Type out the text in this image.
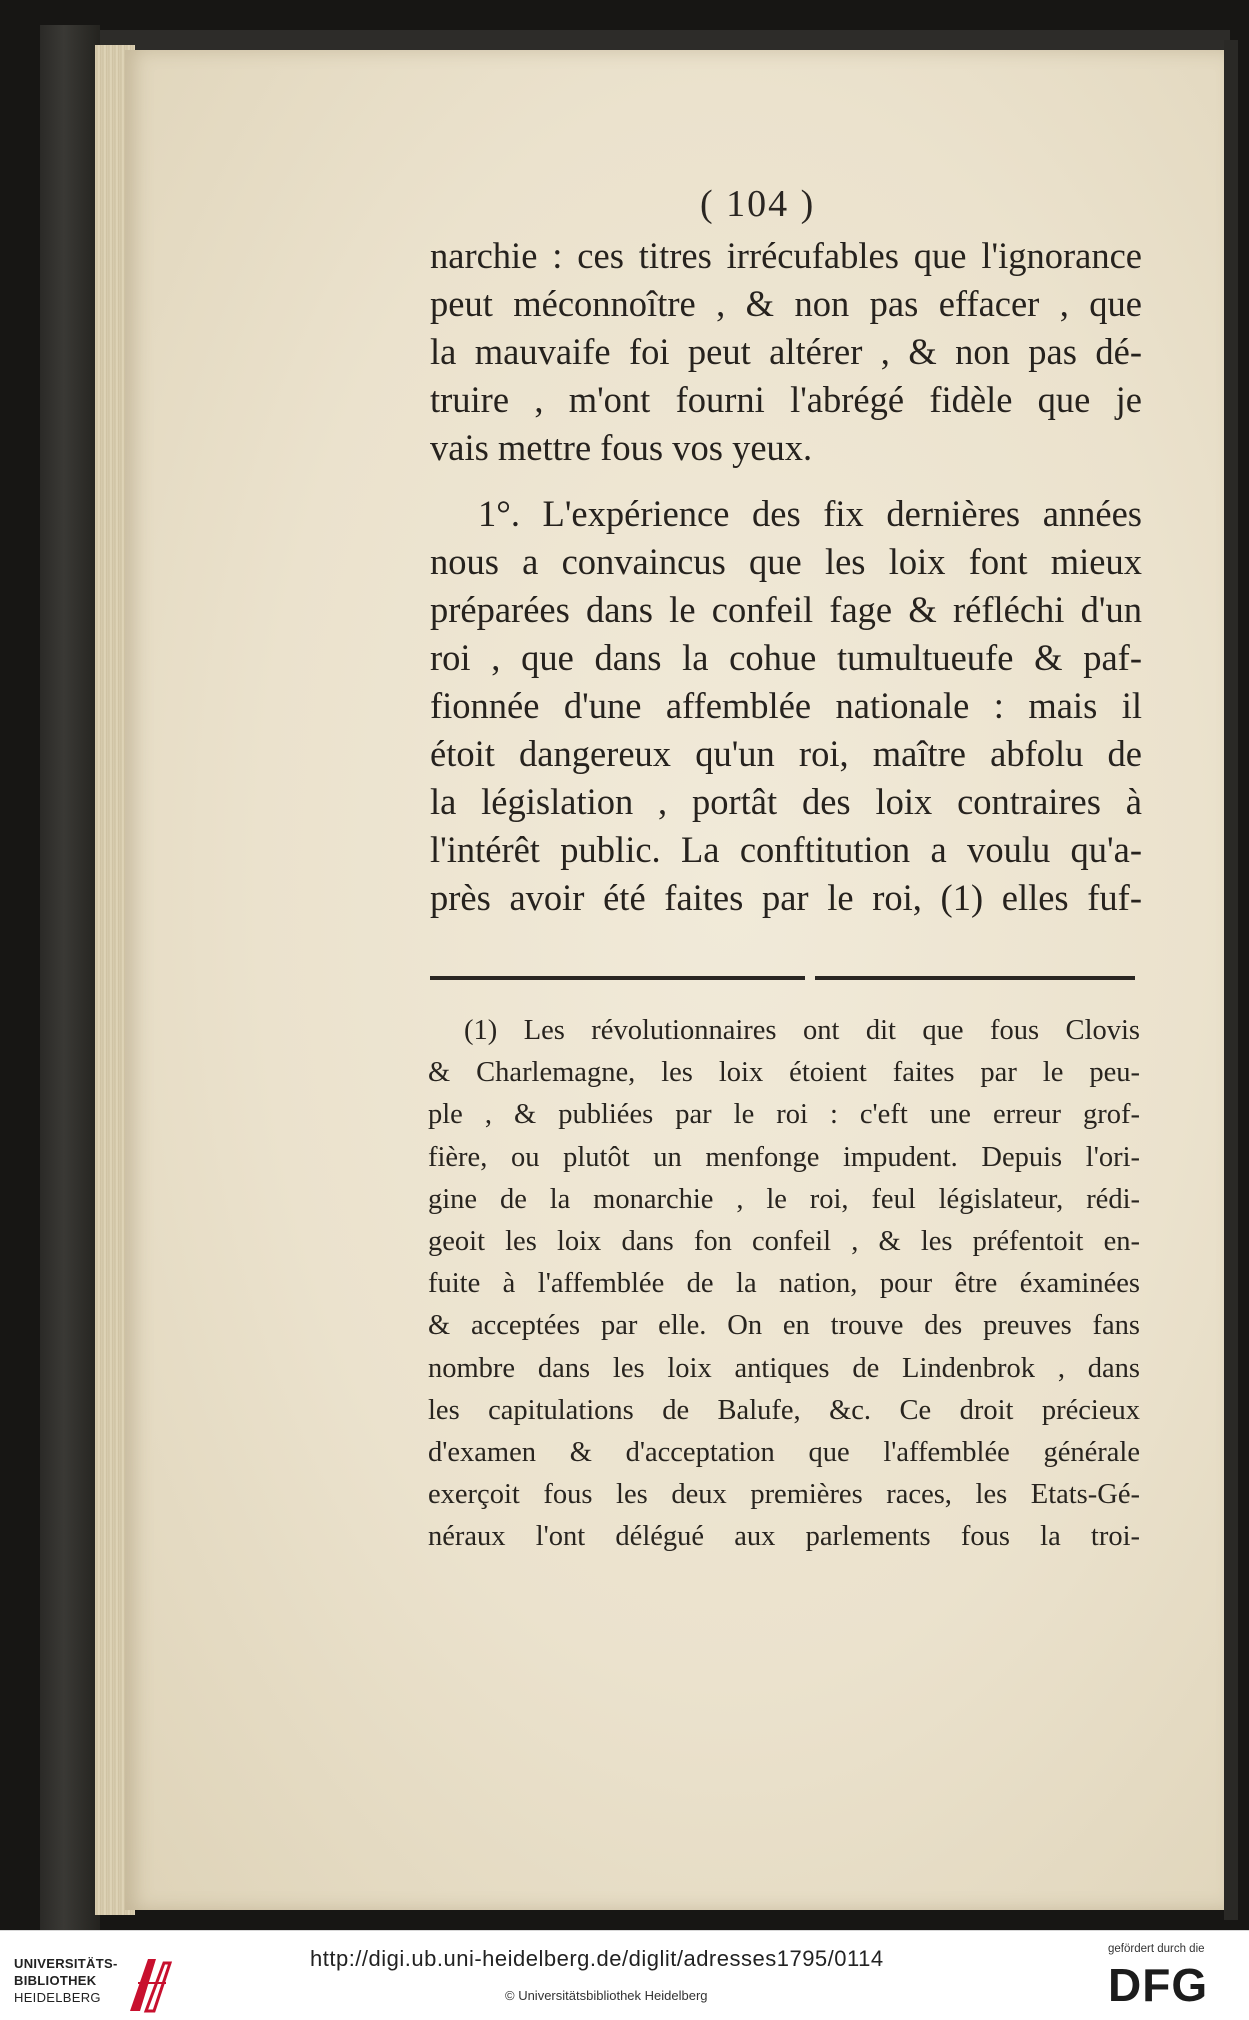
( 104 )
narchie : ces titres irrécufables que l'ignorance
peut méconnoître , & non pas effacer , que
la mauvaife foi peut altérer , & non pas dé-
truire , m'ont fourni l'abrégé fidèle que je
vais mettre fous vos yeux.
1°. L'expérience des fix dernières années
nous a convaincus que les loix font mieux
préparées dans le confeil fage & réfléchi d'un
roi , que dans la cohue tumultueufe & paf-
fionnée d'une affemblée nationale : mais il
étoit dangereux qu'un roi, maître abfolu de
la législation , portât des loix contraires à
l'intérêt public. La conftitution a voulu qu'a-
près avoir été faites par le roi, (1) elles fuf-
(1) Les révolutionnaires ont dit que fous Clovis
& Charlemagne, les loix étoient faites par le peu-
ple , & publiées par le roi : c'eft une erreur grof-
fière, ou plutôt un menfonge impudent. Depuis l'ori-
gine de la monarchie , le roi, feul législateur, rédi-
geoit les loix dans fon confeil , & les préfentoit en-
fuite à l'affemblée de la nation, pour être éxaminées
& acceptées par elle. On en trouve des preuves fans
nombre dans les loix antiques de Lindenbrok , dans
les capitulations de Balufe, &c. Ce droit précieux
d'examen & d'acceptation que l'affemblée générale
exerçoit fous les deux premières races, les Etats-Gé-
néraux l'ont délégué aux parlements fous la troi-
UNIVERSITÄTS-
BIBLIOTHEK
HEIDELBERG
http://digi.ub.uni-heidelberg.de/diglit/adresses1795/0114
© Universitätsbibliothek Heidelberg
gefördert durch die
DFG
